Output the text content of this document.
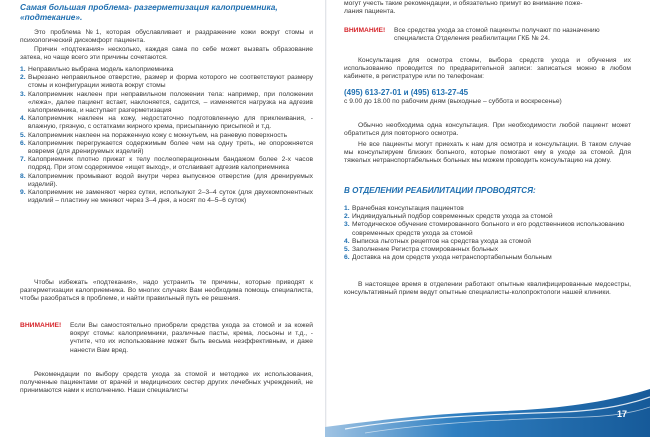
Самая большая проблема- разгерметизация калоприемника,
«подтекание».

Это проблема №1, которая обуславливает и раздражение кожи вокруг стомы и психологический дискомфорт пациента.

Причин «подтекания» несколько, каждая сама по себе может вызвать образование затека, но чаще всего эти причины сочетаются.

1. Неправильно выбрана модель калоприемника
2. Вырезано неправильное отверстие, размер и форма которого не соответствуют размеру стомы и конфигурации живота вокруг стомы
3. Калоприемник наклеен при неправильном положении тела: например, при положении «лежа», далее пациент встает, наклоняется, садится, – изменяется нагрузка на адгезив калоприемника, и наступает разгерметизация
4. Калоприемник наклеен на кожу, недостаточно подготовленную для приклеивания, - влажную, грязную, с остатками жирного крема, присыпанную присыпкой и т.д.
5. Калоприемник наклеен на пораженную кожу с мокнутьем, на раневую поверхность
6. Калоприемник перегружается содержимым более чем на одну треть, не опорожняется вовремя (для дренируемых изделий)
7. Калоприемник плотно прижат к телу послеоперационным бандажом более 2-х часов подряд. При этом содержимое «ищет выход», и отслаивает адгезив калоприемника
8. Калоприемник промывают водой внутри через выпускное отверстие (для дренируемых изделий).
9. Калоприемник не заменяют через сутки, используют 2–3–4 суток (для двухкомпонентных изделий – пластину не меняют через 3–4 дня, а носят по 4–5–6 суток)

Чтобы избежать «подтекания», надо устранить те причины, которые приводят к разгерметизации калоприемника. Во многих случаях Вам необходима помощь специалиста, чтобы разобраться в проблеме, и найти правильный путь ее решения.

ВНИМАНИЕ!	Если Вы самостоятельно приобрели средства ухода за стомой и за кожей вокруг стомы: калоприемники, различные пасты, крема, лосьоны и т.д., - учтите, что их использование может быть весьма неэффективным, и даже нанести Вам вред.

Рекомендации по выбору средств ухода за стомой и методике их использования, полученные пациентами от врачей и медицинских сестер других лечебных учреждений, не принимаются нами к исполнению. Наши специалисты

могут учесть такие рекомендации, и обязательно примут во внимание поже-
лания пациента.

ВНИМАНИЕ!	Все средства ухода за стомой пациенты получают по назначению специалиста Отделения реабилитации ГКБ № 24.

Консультация для осмотра стомы, выбора средств ухода и обучения их использованию проводится по предварительной записи: записаться можно в любом кабинете, в регистратуре или по телефонам:

(495) 613-27-01 и (495) 613-27-45

с 9.00 до 18.00 по рабочим дням (выходные – суббота и воскресенье)

Обычно необходима одна консультация. При необходимости любой пациент может обратиться для повторного осмотра.

Не все пациенты могут приехать к нам для осмотра и консультации. В таком случае мы консультируем близких больного, которые помогают ему в уходе за стомой. Для тяжелых нетранспортабельных больных мы можем проводить консультацию на дому.

В ОТДЕЛЕНИИ РЕАБИЛИТАЦИИ ПРОВОДЯТСЯ:

1. Врачебная консультация пациентов
2. Индивидуальный подбор современных средств ухода за стомой
3. Методическое обучение стомированного больного и его родственников использованию современных средств ухода за стомой
4. Выписка льготных рецептов на средства ухода за стомой
5. Заполнение Регистра стомированных больных
6. Доставка на дом средств ухода нетранспортабельным больным

В настоящее время в отделении работают опытные квалифицированные медсестры, консультативный прием ведут опытные специалисты-колопроктологи нашей клиники.

17
